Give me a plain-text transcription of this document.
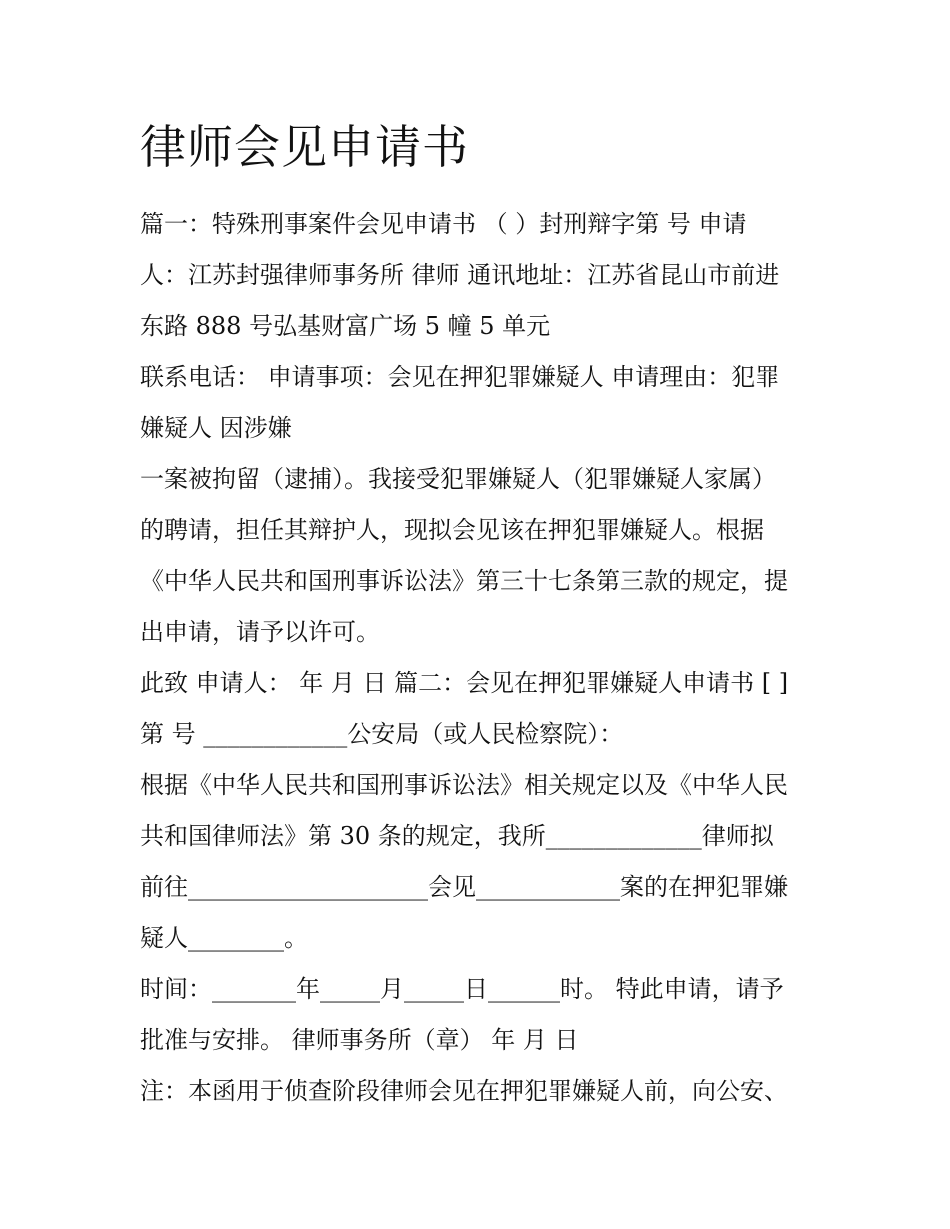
律师会见申请书
篇一：特殊刑事案件会见申请书 （ ）封刑辩字第 号 申请
人：江苏封强律师事务所 律师 通讯地址：江苏省昆山市前进
东路 888 号弘基财富广场 5 幢 5 单元
联系电话： 申请事项：会见在押犯罪嫌疑人 申请理由：犯罪
嫌疑人 因涉嫌
一案被拘留（逮捕）。我接受犯罪嫌疑人（犯罪嫌疑人家属）
的聘请，担任其辩护人，现拟会见该在押犯罪嫌疑人。根据
《中华人民共和国刑事诉讼法》第三十七条第三款的规定，提
出申请，请予以许可。
此致 申请人： 年 月 日 篇二：会见在押犯罪嫌疑人申请书 [ ]
第 号 ____________公安局（或人民检察院）：
根据《中华人民共和国刑事诉讼法》相关规定以及《中华人民
共和国律师法》第 30 条的规定，我所_____________律师拟
前往____________________会见____________案的在押犯罪嫌
疑人________。
时间：_______年_____月_____日______时。 特此申请，请予
批准与安排。 律师事务所（章） 年 月 日
注：本函用于侦查阶段律师会见在押犯罪嫌疑人前，向公安、
